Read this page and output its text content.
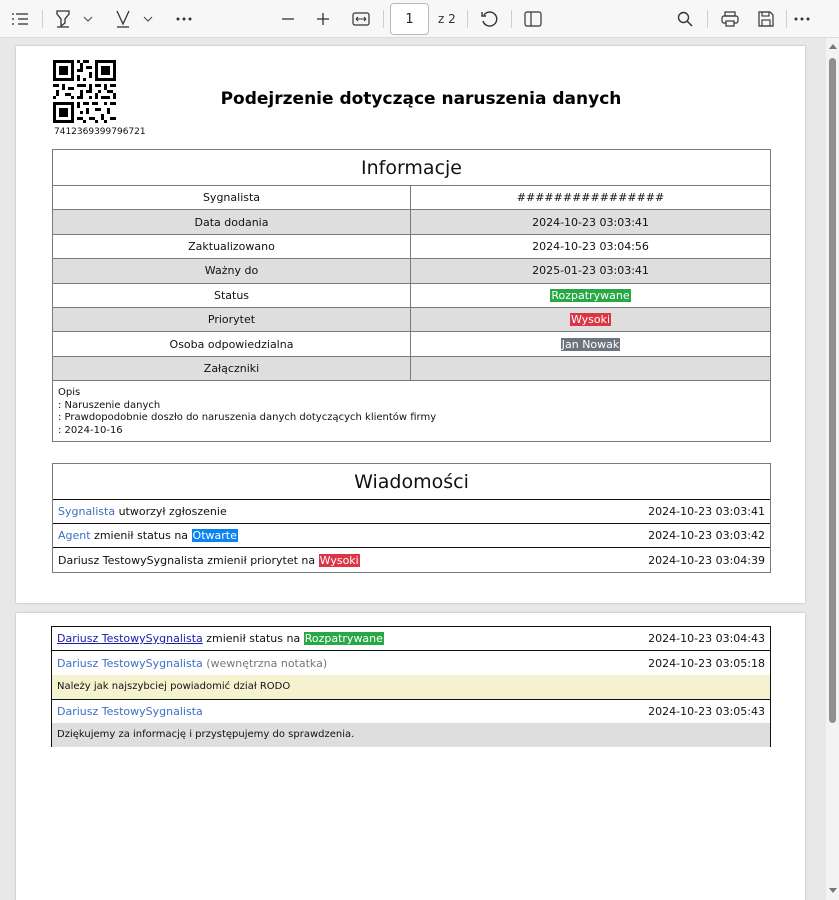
1
z 2
7412369399796721
Podejrzenie dotyczące naruszenia danych
Informacje
Sygnalista	################
Data dodania	2024-10-23 03:03:41
Zaktualizowano	2024-10-23 03:04:56
Ważny do	2025-01-23 03:03:41
Status	Rozpatrywane
Priorytet	Wysoki
Osoba odpowiedzialna	Jan Nowak
Załączniki
Opis
: Naruszenie danych
: Prawdopodobnie doszło do naruszenia danych dotyczących klientów firmy
: 2024-10-16
Wiadomości
Sygnalista utworzył zgłoszenie	2024-10-23 03:03:41
Agent zmienił status na Otwarte	2024-10-23 03:03:42
Dariusz TestowySygnalista zmienił priorytet na Wysoki	2024-10-23 03:04:39
Dariusz TestowySygnalista zmienił status na Rozpatrywane	2024-10-23 03:04:43
Dariusz TestowySygnalista (wewnętrzna notatka)	2024-10-23 03:05:18
Należy jak najszybciej powiadomić dział RODO
Dariusz TestowySygnalista	2024-10-23 03:05:43
Dziękujemy za informację i przystępujemy do sprawdzenia.
